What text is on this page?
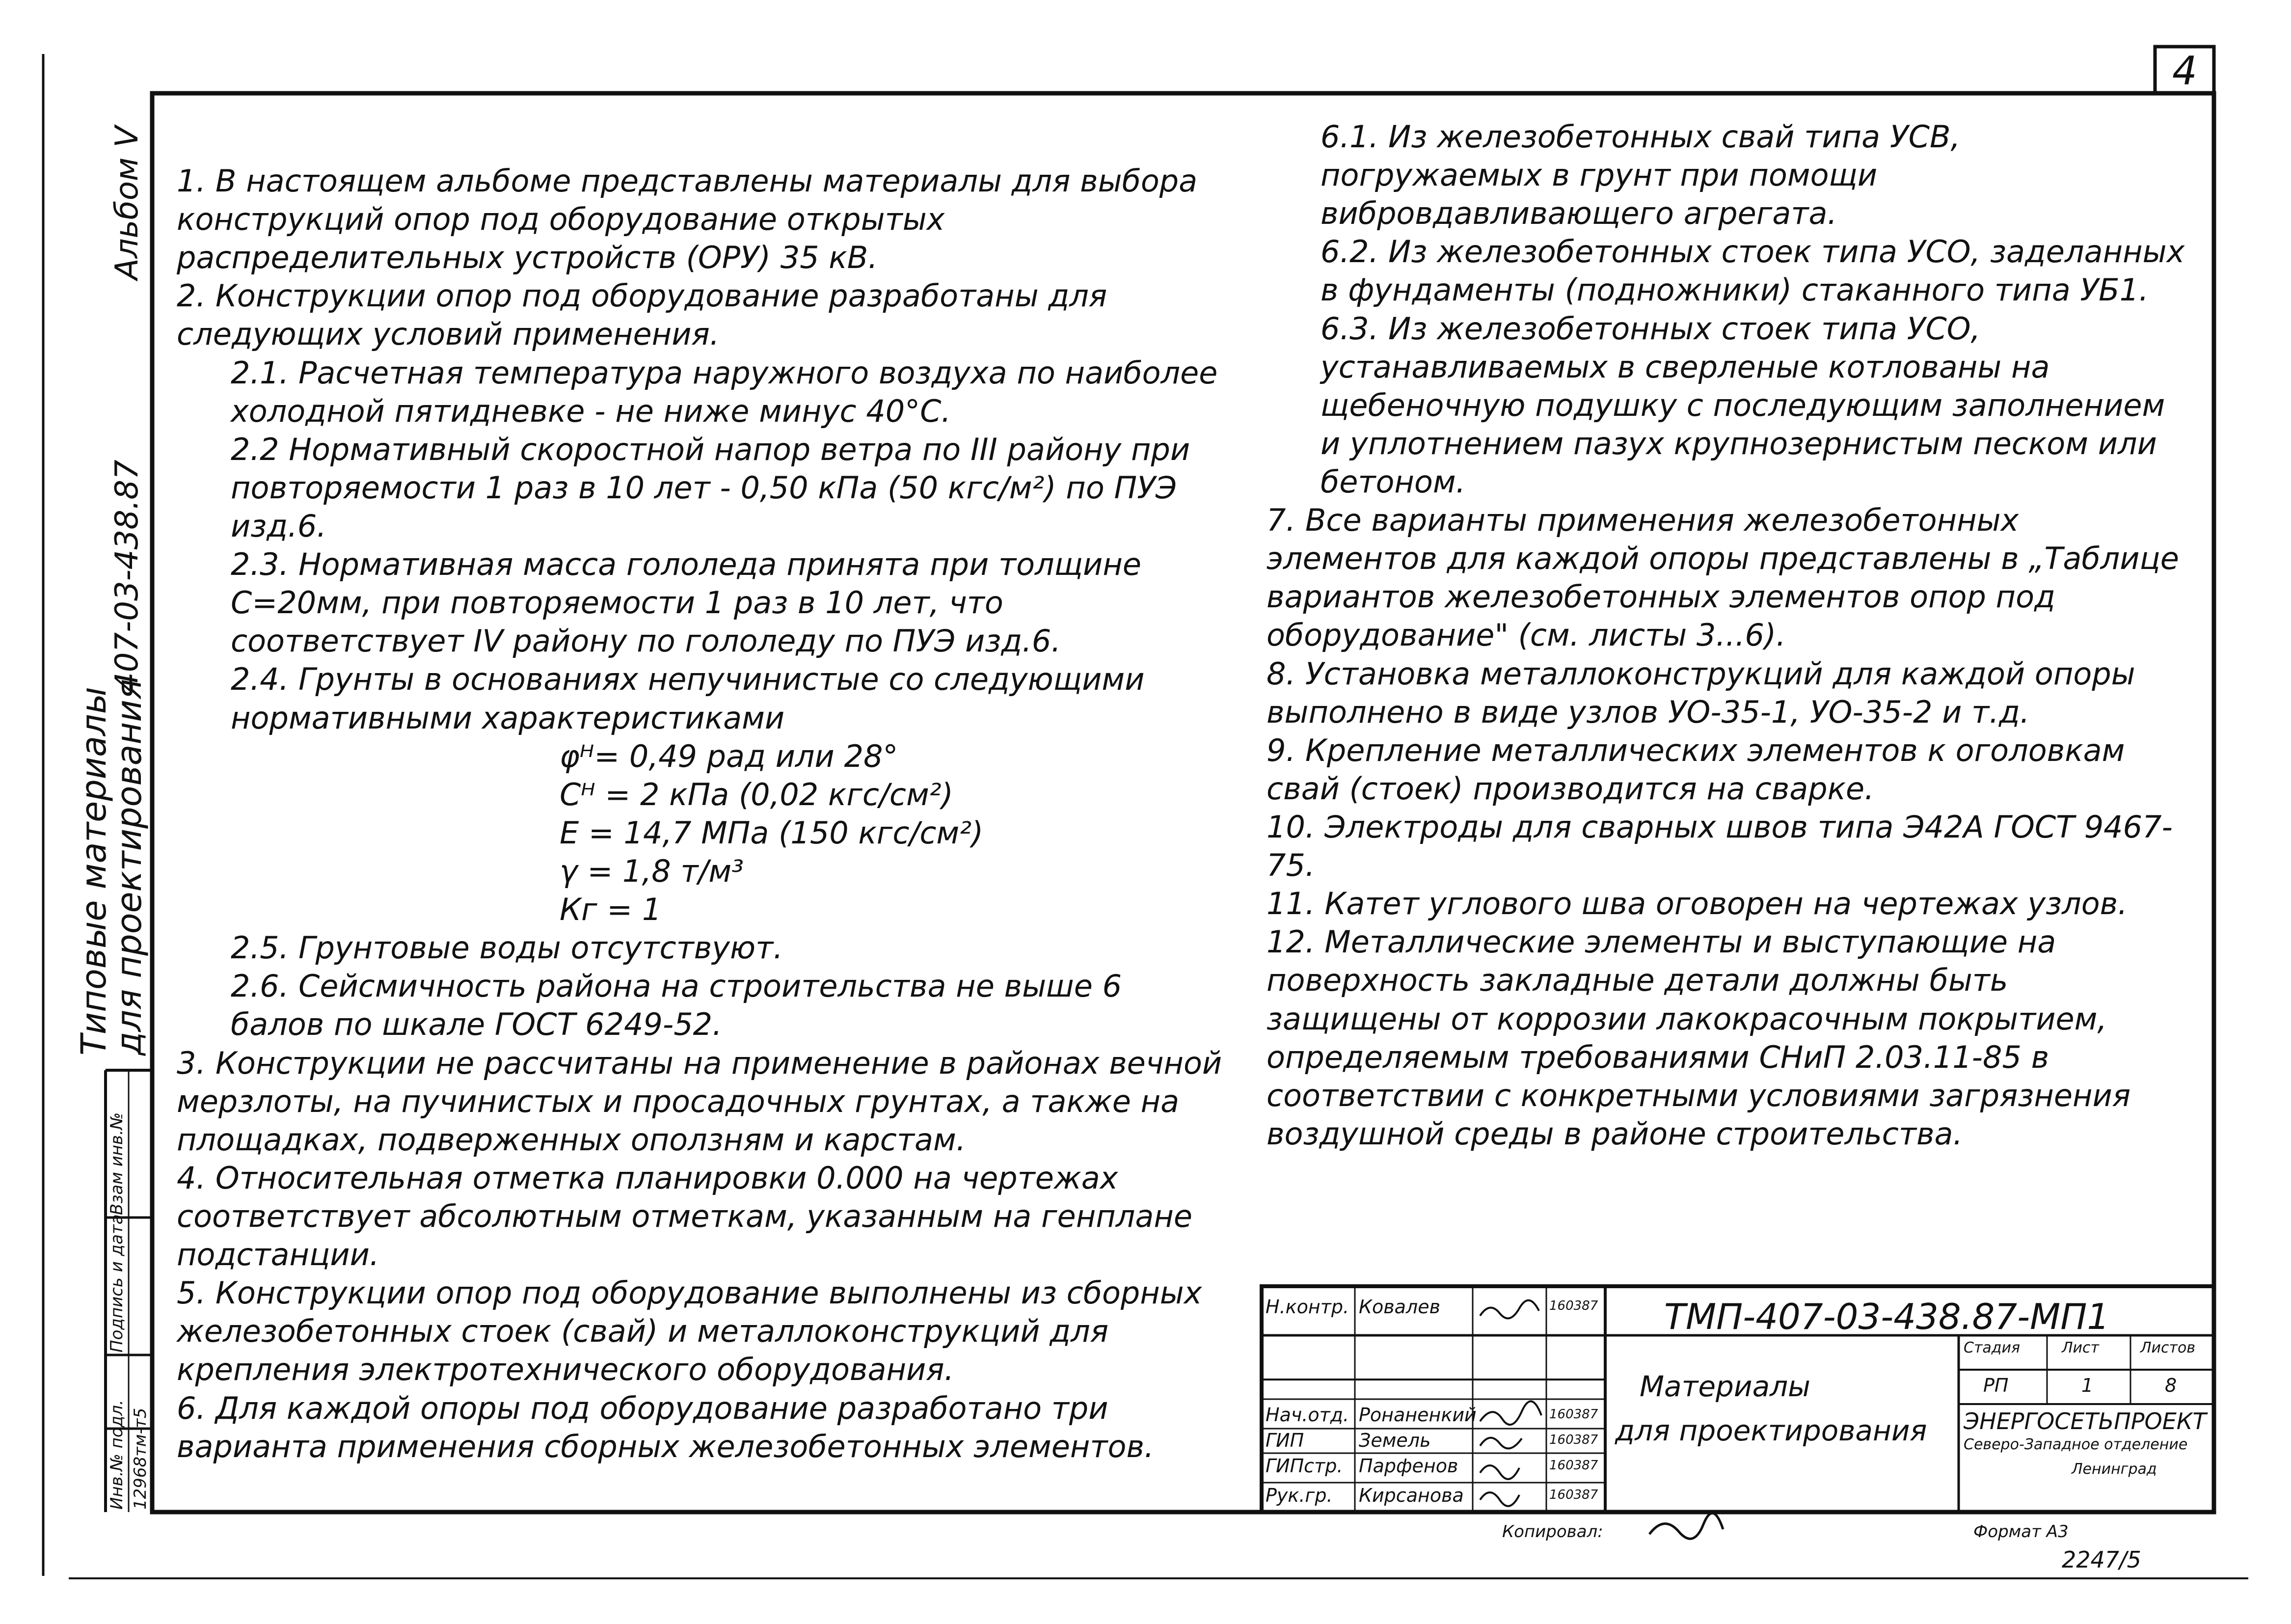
4
Альбом V
407-03-438.87
Типовые материалы
для проектирования
Инв.№ подл. 12968тм-т5
Подпись и дата
Взам инв.№

1. В настоящем альбоме представлены материалы для выбора конструкций опор под оборудование открытых распределительных устройств (ОРУ) 35 кВ.

2. Конструкции опор под оборудование разработаны для следующих условий применения.

2.1. Расчетная температура наружного воздуха по наиболее холодной пятидневке - не ниже минус 40°С.

2.2 Нормативный скоростной напор ветра по III району при повторяемости 1 раз в 10 лет - 0,50 кПа (50 кгс/м²) по ПУЭ изд.6.

2.3. Нормативная масса гололеда принята при толщине С=20мм, при повторяемости 1 раз в 10 лет, что соответствует IV району по гололеду по ПУЭ изд.6.

2.4. Грунты в основаниях непучинистые со следующими нормативными характеристиками

φᴴ= 0,49 рад или 28°

Сᴴ = 2 кПа (0,02 кгс/см²)

Е = 14,7 МПа (150 кгс/см²)

γ = 1,8 т/м³

Кг = 1

2.5. Грунтовые воды отсутствуют.

2.6. Сейсмичность района на строительства не выше 6 балов по шкале ГОСТ 6249-52.

3. Конструкции не рассчитаны на применение в районах вечной мерзлоты, на пучинистых и просадочных грунтах, а также на площадках, подверженных оползням и карстам.

4. Относительная отметка планировки 0.000 на чертежах соответствует абсолютным отметкам, указанным на генплане подстанции.

5. Конструкции опор под оборудование выполнены из сборных железобетонных стоек (свай) и металлоконструкций для крепления электротехнического оборудования.

6. Для каждой опоры под оборудование разработано три варианта применения сборных железобетонных элементов.

6.1. Из железобетонных свай типа УСВ, погружаемых в грунт при помощи вибровдавливающего агрегата.

6.2. Из железобетонных стоек типа УСО, заделанных в фундаменты (подножники) стаканного типа УБ1.

6.3. Из железобетонных стоек типа УСО, устанавливаемых в сверленые котлованы на щебеночную подушку с последующим заполнением и уплотнением пазух крупнозернистым песком или бетоном.

7. Все варианты применения железобетонных элементов для каждой опоры представлены в „Таблице вариантов железобетонных элементов опор под оборудование" (см. листы 3...6).

8. Установка металлоконструкций для каждой опоры выполнено в виде узлов УО-35-1, УО-35-2 и т.д.

9. Крепление металлических элементов к оголовкам свай (стоек) производится на сварке.

10. Электроды для сварных швов типа Э42А ГОСТ 9467-75.

11. Катет углового шва оговорен на чертежах узлов.

12. Металлические элементы и выступающие на поверхность закладные детали должны быть защищены от коррозии лакокрасочным покрытием, определяемым требованиями СНиП 2.03.11-85 в соответствии с конкретными условиями загрязнения воздушной среды в районе строительства.

ТМП-407-03-438.87-МП1
Н.контр. Ковалев	160387
Нач.отд. Ронаненкий	160387
ГИП	Земель	160387
ГИПстр. Парфенов	160387
Рук.гр. Кирсанова	160387
Материалы
для проектирования
Стадия	Лист	Листов
РП	1	8
ЭНЕРГОСЕТЬПРОЕКТ
Северо-Западное отделение
Ленинград
Копировал:	Формат А3
2247/5
